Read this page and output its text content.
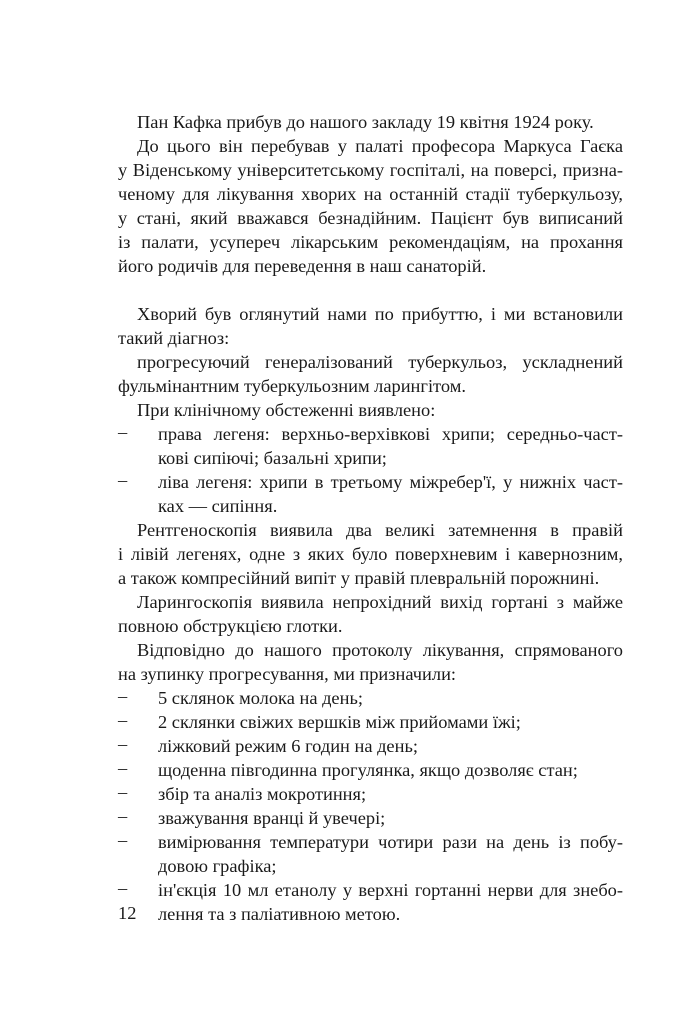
Пан Кафка прибув до нашого закладу 19 квітня 1924 року.

До цього він перебував у палаті професора Маркуса Гаєка
у Віденському університетському госпіталі, на поверсі, призна-
ченому для лікування хворих на останній стадії туберкульозу,
у стані, який вважався безнадійним. Пацієнт був виписаний
із палати, усупереч лікарським рекомендаціям, на прохання
його родичів для переведення в наш санаторій.

Хворий був оглянутий нами по прибуттю, і ми встановили
такий діагноз:

прогресуючий генералізований туберкульоз, ускладнений
фульмінантним туберкульозним ларингітом.

При клінічному обстеженні виявлено:

–	права легеня: верхньо-верхівкові хрипи; середньо-част-
кові сипіючі; базальні хрипи;
–	ліва легеня: хрипи в третьому міжребер'ї, у нижніх част-
ках — сипіння.

Рентгеноскопія виявила два великі затемнення в правій
і лівій легенях, одне з яких було поверхневим і кавернозним,
а також компресійний випіт у правій плевральній порожнині.

Ларингоскопія виявила непрохідний вихід гортані з майже
повною обструкцією глотки.

Відповідно до нашого протоколу лікування, спрямованого
на зупинку прогресування, ми призначили:

–	5 склянок молока на день;
–	2 склянки свіжих вершків між прийомами їжі;
–	ліжковий режим 6 годин на день;
–	щоденна півгодинна прогулянка, якщо дозволяє стан;
–	збір та аналіз мокротиння;
–	зважування вранці й увечері;
–	вимірювання температури чотири рази на день із побу-
довою графіка;
–	ін'єкція 10 мл етанолу у верхні гортанні нерви для знебо-
лення та з паліативною метою.
12
